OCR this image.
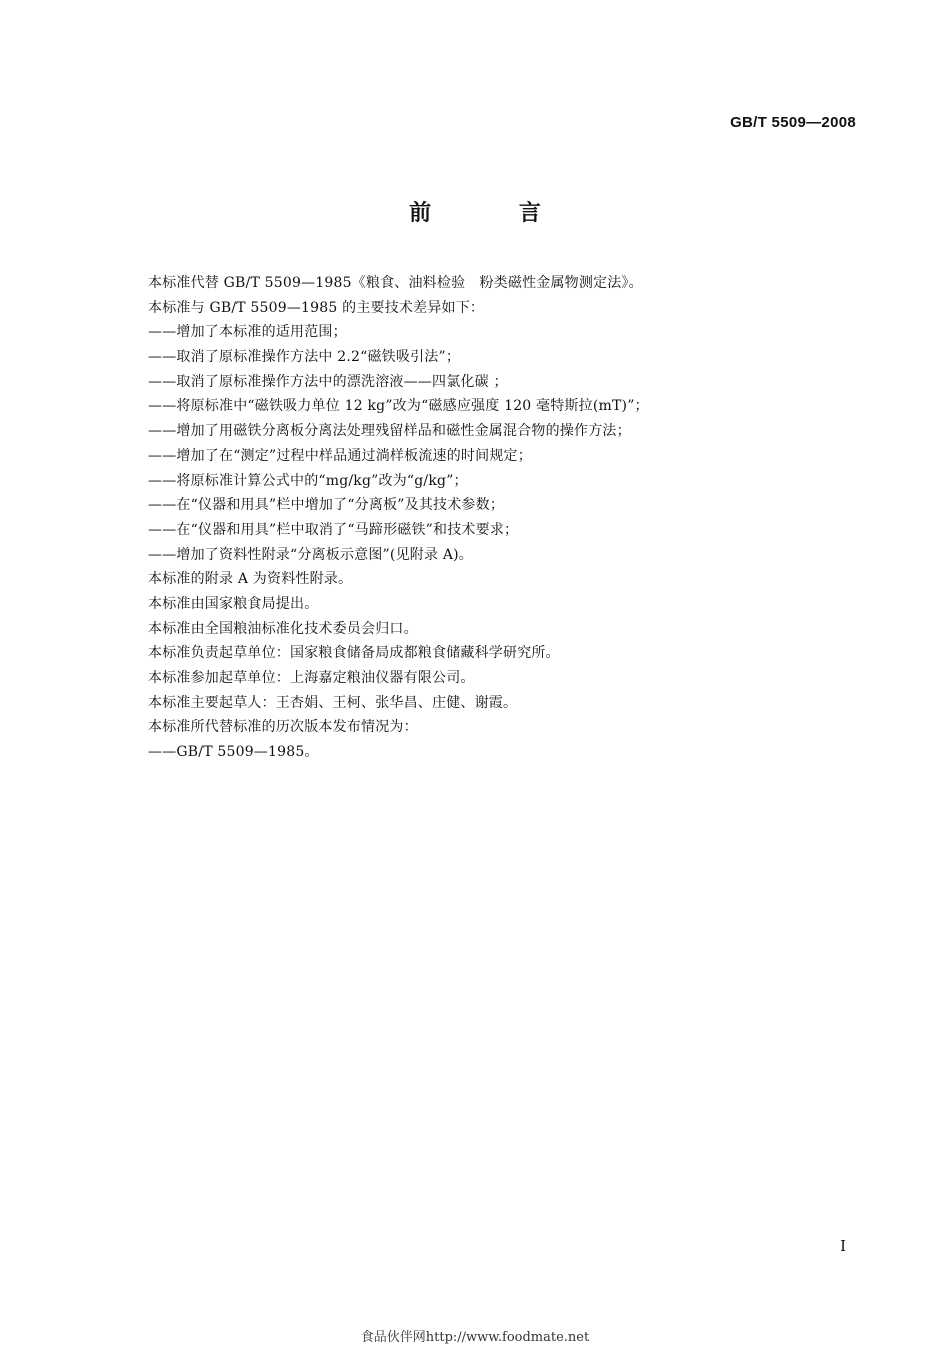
GB/T 5509—2008
前 言
本标准代替 GB/T 5509—1985《粮食、油料检验　粉类磁性金属物测定法》。
本标准与 GB/T 5509—1985 的主要技术差异如下：
——增加了本标准的适用范围；
——取消了原标准操作方法中 2.2“磁铁吸引法”；
——取消了原标准操作方法中的漂洗溶液——四氯化碳 ；
——将原标准中“磁铁吸力单位 12 kg”改为“磁感应强度 120 毫特斯拉(mT)”；
——增加了用磁铁分离板分离法处理残留样品和磁性金属混合物的操作方法；
——增加了在“测定”过程中样品通过淌样板流速的时间规定；
——将原标准计算公式中的“mg/kg”改为“g/kg”；
——在“仪器和用具”栏中增加了“分离板”及其技术参数；
——在“仪器和用具”栏中取消了“马蹄形磁铁”和技术要求；
——增加了资料性附录“分离板示意图”(见附录 A)。
本标准的附录 A 为资料性附录。
本标准由国家粮食局提出。
本标准由全国粮油标准化技术委员会归口。
本标准负责起草单位：国家粮食储备局成都粮食储藏科学研究所。
本标准参加起草单位：上海嘉定粮油仪器有限公司。
本标准主要起草人：王杏娟、王柯、张华昌、庄健、谢霞。
本标准所代替标准的历次版本发布情况为：
——GB/T 5509—1985。
I
食品伙伴网http://www.foodmate.net
